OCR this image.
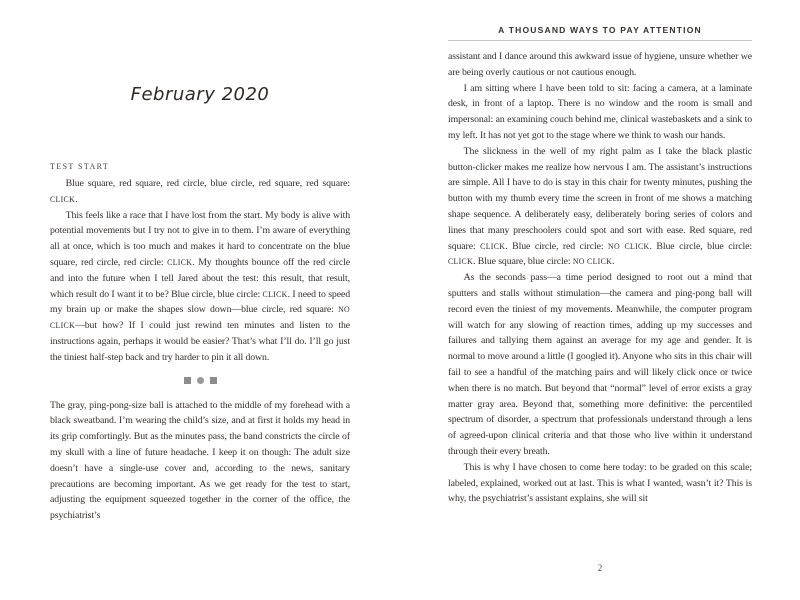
February 2020
TEST START

Blue square, red square, red circle, blue circle, red square, red square: CLICK.

This feels like a race that I have lost from the start. My body is alive with potential movements but I try not to give in to them. I’m aware of everything all at once, which is too much and makes it hard to concentrate on the blue square, red circle, red circle: CLICK. My thoughts bounce off the red circle and into the future when I tell Jared about the test: this result, that result, which result do I want it to be? Blue circle, blue circle: CLICK. I need to speed my brain up or make the shapes slow down—blue circle, red square: NO CLICK—but how? If I could just rewind ten minutes and listen to the instructions again, perhaps it would be easier? That’s what I’ll do. I’ll go just the tiniest half-step back and try harder to pin it all down.

The gray, ping-pong-size ball is attached to the middle of my forehead with a black sweatband. I’m wearing the child’s size, and at first it holds my head in its grip comfortingly. But as the minutes pass, the band constricts the circle of my skull with a line of future headache. I keep it on though: The adult size doesn’t have a single-use cover and, according to the news, sanitary precautions are becoming important. As we get ready for the test to start, adjusting the equipment squeezed together in the corner of the office, the psychiatrist’s

A THOUSAND WAYS TO PAY ATTENTION

assistant and I dance around this awkward issue of hygiene, unsure whether we are being overly cautious or not cautious enough.

I am sitting where I have been told to sit: facing a camera, at a laminate desk, in front of a laptop. There is no window and the room is small and impersonal: an examining couch behind me, clinical wastebaskets and a sink to my left. It has not yet got to the stage where we think to wash our hands.

The slickness in the well of my right palm as I take the black plastic button-clicker makes me realize how nervous I am. The assistant’s instructions are simple. All I have to do is stay in this chair for twenty minutes, pushing the button with my thumb every time the screen in front of me shows a matching shape sequence. A deliberately easy, deliberately boring series of colors and lines that many preschoolers could spot and sort with ease. Red square, red square: CLICK. Blue circle, red circle: NO CLICK. Blue circle, blue circle: CLICK. Blue square, blue circle: NO CLICK.

As the seconds pass—a time period designed to root out a mind that sputters and stalls without stimulation—the camera and ping-pong ball will record even the tiniest of my movements. Meanwhile, the computer program will watch for any slowing of reaction times, adding up my successes and failures and tallying them against an average for my age and gender. It is normal to move around a little (I googled it). Anyone who sits in this chair will fail to see a handful of the matching pairs and will likely click once or twice when there is no match. But beyond that “normal” level of error exists a gray matter gray area. Beyond that, something more definitive: the percentiled spectrum of disorder, a spectrum that professionals understand through a lens of agreed-upon clinical criteria and that those who live within it understand through their every breath.

This is why I have chosen to come here today: to be graded on this scale; labeled, explained, worked out at last. This is what I wanted, wasn’t it? This is why, the psychiatrist’s assistant explains, she will sit

2
